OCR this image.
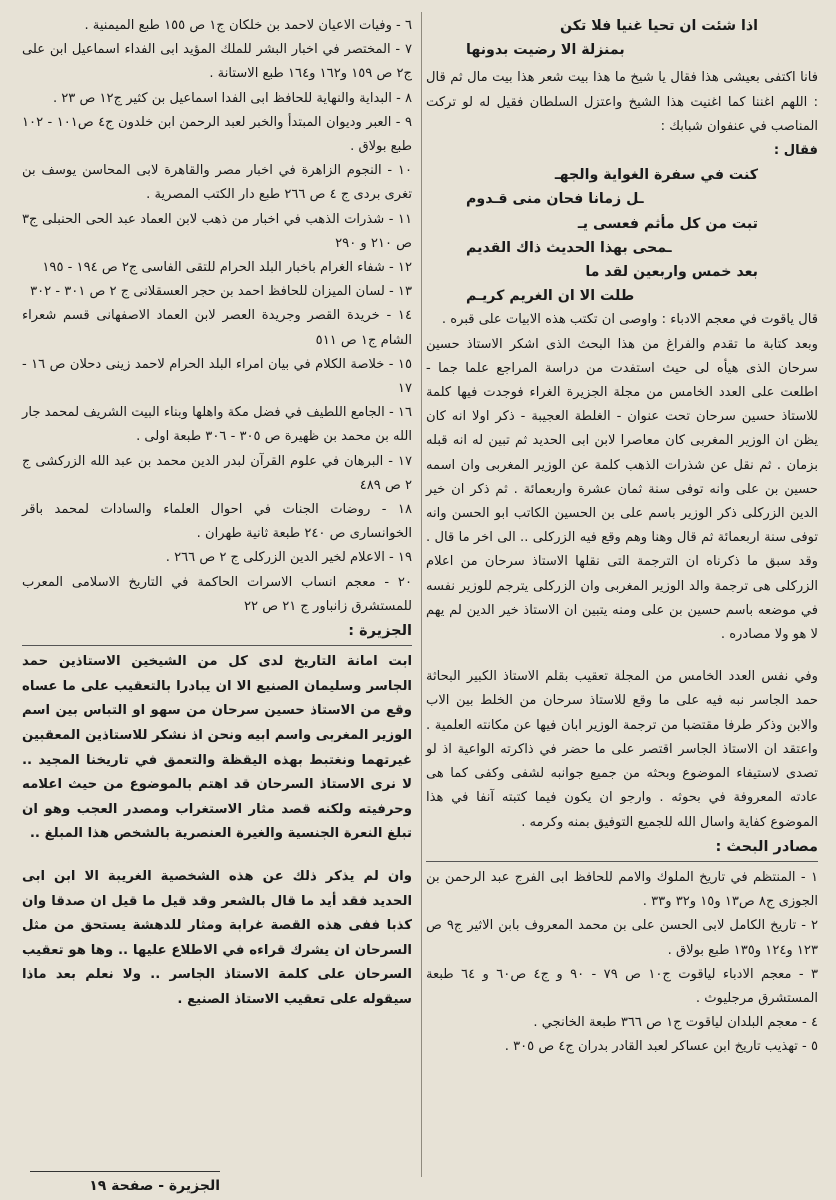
اذا شئت ان تحيا غنيا فلا تكن

بمنزلة الا رضيت بدونها

فانا اكتفى بعيشى هذا فقال يا شيخ ما هذا بيت شعر هذا بيت مال ثم قال : اللهم اغننا كما اغنيت هذا الشيخ واعتزل السلطان فقيل له لو تركت المناصب في عنفوان شبابك :

فقال :

كنت في سفرة الغواية والجهـ

ـل زمانا فحان منى قـدوم

تبت من كل مأثم فعسى يـ

ـمحى بهذا الحديث ذاك القديم

بعد خمس واربعين لقد ما

طلت الا ان الغريم كريـم

قال ياقوت في معجم الادباء : واوصى ان تكتب هذه الابيات على قبره .

وبعد كتابة ما تقدم والفراغ من هذا البحث الذى اشكر الاستاذ حسين سرحان الذى هيأه لى حيث استفدت من دراسة المراجع علما جما - اطلعت على العدد الخامس من مجلة الجزيرة الغراء فوجدت فيها كلمة للاستاذ حسين سرحان تحت عنوان - الغلطة العجيبة - ذكر اولا انه كان يظن ان الوزير المغربى كان معاصرا لابن ابى الحديد ثم تبين له انه قبله بزمان . ثم نقل عن شذرات الذهب كلمة عن الوزير المغربى وان اسمه حسين بن على وانه توفى سنة ثمان عشرة واربعمائة . ثم ذكر ان خير الدين الزركلى ذكر الوزير باسم على بن الحسين الكاتب ابو الحسن وانه توفى سنة اربعمائة ثم قال وهنا وهم وقع فيه الزركلى .. الى اخر ما قال . وقد سبق ما ذكرناه ان الترجمة التى نقلها الاستاذ سرحان من اعلام الزركلى هى ترجمة والد الوزير المغربى وان الزركلى يترجم للوزير نفسه في موضعه باسم حسين بن على ومنه يتبين ان الاستاذ خير الدين لم يهم لا هو ولا مصادره .

وفي نفس العدد الخامس من المجلة تعقيب بقلم الاستاذ الكبير البحاثة حمد الجاسر نبه فيه على ما وقع للاستاذ سرحان من الخلط بين الاب والابن وذكر طرفا مقتضبا من ترجمة الوزير ابان فيها عن مكانته العلمية . واعتقد ان الاستاذ الجاسر اقتصر على ما حضر في ذاكرته الواعية اذ لو تصدى لاستيفاء الموضوع وبحثه من جميع جوانبه لشفى وكفى كما هى عادته المعروفة في بحوثه . وارجو ان يكون فيما كتبته آنفا في هذا الموضوع كفاية واسال الله للجميع التوفيق بمنه وكرمه .

مصادر البحث :

١ - المنتظم في تاريخ الملوك والامم للحافظ ابى الفرج عبد الرحمن بن الجوزى ج٨ ص١٣ و١٥ و٣٢ و٣٣ .

٢ - تاريخ الكامل لابى الحسن على بن محمد المعروف بابن الاثير ج٩ ص ١٢٣ و١٢٤ و١٣٥ طبع بولاق .

٣ - معجم الادباء لياقوت ج١٠ ص ٧٩ - ٩٠ و ج٤ ص٦٠ و ٦٤ طبعة المستشرق مرجليوث .

٤ - معجم البلدان لياقوت ج١ ص ٣٦٦ طبعة الخانجي .

٥ - تهذيب تاريخ ابن عساكر لعبد القادر بدران ج٤ ص ٣٠٥ .

٦ - وفيات الاعيان لاحمد بن خلكان ج١ ص ١٥٥ طبع الميمنية .

٧ - المختصر في اخبار البشر للملك المؤيد ابى الفداء اسماعيل ابن على ج٢ ص ١٥٩ و١٦٢ و١٦٤ طبع الاستانة .

٨ - البداية والنهاية للحافظ ابى الفدا اسماعيل بن كثير ج١٢ ص ٢٣ .

٩ - العبر وديوان المبتدأ والخبر لعبد الرحمن ابن خلدون ج٤ ص١٠١ - ١٠٢ طبع بولاق .

١٠ - النجوم الزاهرة في اخبار مصر والقاهرة لابى المحاسن يوسف بن تغرى بردى ج ٤ ص ٢٦٦ طبع دار الكتب المصرية .

١١ - شذرات الذهب في اخبار من ذهب لابن العماد عبد الحى الحنبلى ج٣ ص ٢١٠ و ٢٩٠

١٢ - شفاء الغرام باخبار البلد الحرام للتقى الفاسى ج٢ ص ١٩٤ - ١٩٥

١٣ - لسان الميزان للحافظ احمد بن حجر العسقلانى ج ٢ ص ٣٠١ - ٣٠٢

١٤ - خريدة القصر وجريدة العصر لابن العماد الاصفهانى قسم شعراء الشام ج١ ص ٥١١

١٥ - خلاصة الكلام في بيان امراء البلد الحرام لاحمد زينى دحلان ص ١٦ - ١٧

١٦ - الجامع اللطيف في فضل مكة واهلها وبناء البيت الشريف لمحمد جار الله بن محمد بن ظهيرة ص ٣٠٥ - ٣٠٦ طبعة اولى .

١٧ - البرهان في علوم القرآن لبدر الدين محمد بن عبد الله الزركشى ج ٢ ص ٤٨٩

١٨ - روضات الجنات في احوال العلماء والسادات لمحمد باقر الخوانسارى ص ٢٤٠ طبعة ثانية طهران .

١٩ - الاعلام لخير الدين الزركلى ج ٢ ص ٢٦٦ .

٢٠ - معجم انساب الاسرات الحاكمة في التاريخ الاسلامى المعرب للمستشرق زانباور ج ٢١ ص ٢٢

الجزيرة :

ابت امانة التاريخ لدى كل من الشيخين الاستاذين حمد الجاسر وسليمان الصنيع الا ان يبادرا بالتعقيب على ما عساه وقع من الاستاذ حسين سرحان من سهو او التباس بين اسم الوزير المغربى واسم ابيه ونحن اذ نشكر للاستاذين المعقبين غيرتهما ونغتبط بهذه اليقظة والتعمق في تاريخنا المجيد .. لا نرى الاستاذ السرحان قد اهتم بالموضوع من حيث اعلامه وحرفيته ولكنه قصد مثار الاستغراب ومصدر العجب وهو ان تبلغ النعرة الجنسية والغيرة العنصرية بالشخص هذا المبلغ ..

وان لم يذكر ذلك عن هذه الشخصية الغريبة الا ابن ابى الحديد فقد أيد ما قال بالشعر وقد قيل ما قيل ان صدقا وان كذبا ففى هذه القصة غرابة ومثار للدهشة يستحق من مثل السرحان ان يشرك قراءه في الاطلاع عليها .. وها هو تعقيب السرحان على كلمة الاستاذ الجاسر .. ولا نعلم بعد ماذا سيقوله على تعقيب الاستاذ الصنيع .

الجزيرة - صفحة ١٩
